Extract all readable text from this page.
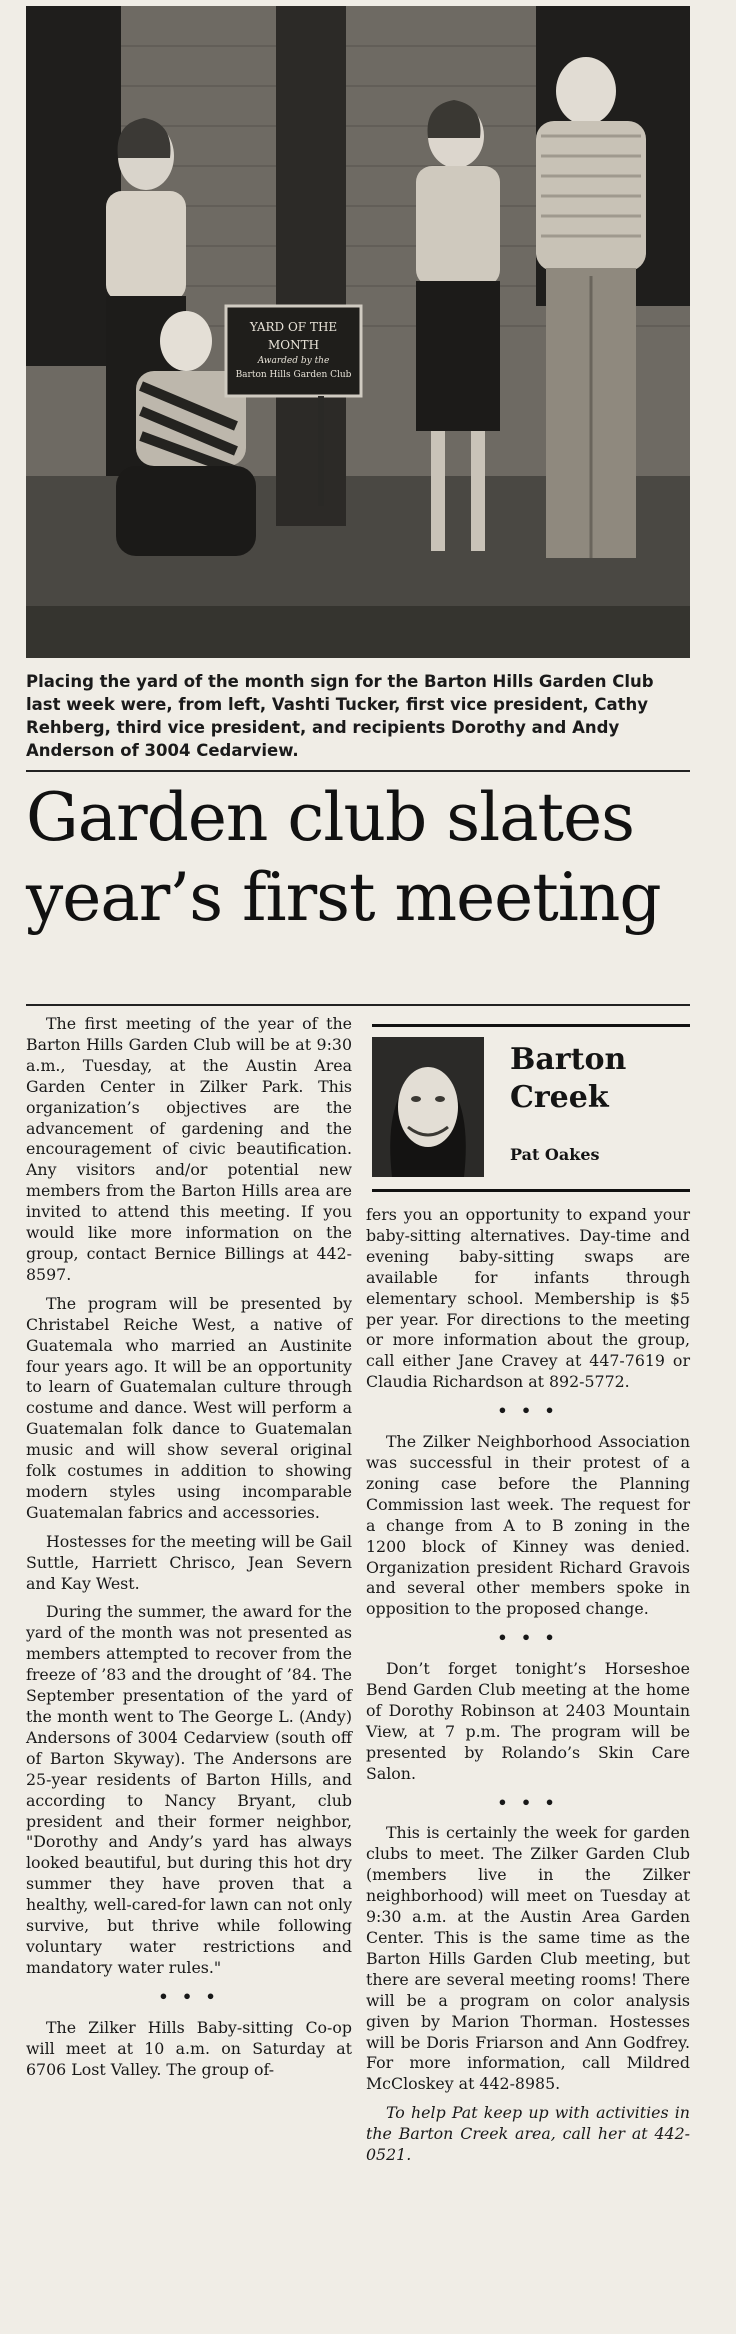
YARD OF THE MONTH
Awarded by the
Barton Hills Garden Club
Placing the yard of the month sign for the Barton Hills Garden Club last week were, from left, Vashti Tucker, first vice president, Cathy Rehberg, third vice president, and recipients Dorothy and Andy Anderson of 3004 Cedarview.
Garden club slates
year’s first meeting

The first meeting of the year of the Barton Hills Garden Club will be at 9:30 a.m., Tuesday, at the Austin Area Garden Center in Zilker Park. This organization’s objectives are the advancement of gardening and the encouragement of civic beautification. Any visitors and/or potential new members from the Barton Hills area are invited to attend this meeting. If you would like more information on the group, contact Bernice Billings at 442-8597.

The program will be presented by Christabel Reiche West, a native of Guatemala who married an Austinite four years ago. It will be an opportunity to learn of Guatemalan culture through costume and dance. West will perform a Guatemalan folk dance to Guatemalan music and will show several original folk costumes in addition to showing modern styles using incomparable Guatemalan fabrics and accessories.

Hostesses for the meeting will be Gail Suttle, Harriett Chrisco, Jean Severn and Kay West.

During the summer, the award for the yard of the month was not presented as members attempted to recover from the freeze of ’83 and the drought of ’84. The September presentation of the yard of the month went to The George L. (Andy) Andersons of 3004 Cedarview (south off of Barton Skyway). The Andersons are 25-year residents of Barton Hills, and according to Nancy Bryant, club president and their former neighbor, "Dorothy and Andy’s yard has always looked beautiful, but during this hot dry summer they have proven that a healthy, well-cared-for lawn can not only survive, but thrive while following voluntary water restrictions and mandatory water rules."

• • •

The Zilker Hills Baby-sitting Co-op will meet at 10 a.m. on Saturday at 6706 Lost Valley. The group of-

Barton
Creek
Pat Oakes

fers you an opportunity to expand your baby-sitting alternatives. Day-time and evening baby-sitting swaps are available for infants through elementary school. Membership is $5 per year. For directions to the meeting or more information about the group, call either Jane Cravey at 447-7619 or Claudia Richardson at 892-5772.

• • •

The Zilker Neighborhood Association was successful in their protest of a zoning case before the Planning Commission last week. The request for a change from A to B zoning in the 1200 block of Kinney was denied. Organization president Richard Gravois and several other members spoke in opposition to the proposed change.

• • •

Don’t forget tonight’s Horseshoe Bend Garden Club meeting at the home of Dorothy Robinson at 2403 Mountain View, at 7 p.m. The program will be presented by Rolando’s Skin Care Salon.

• • •

This is certainly the week for garden clubs to meet. The Zilker Garden Club (members live in the Zilker neighborhood) will meet on Tuesday at 9:30 a.m. at the Austin Area Garden Center. This is the same time as the Barton Hills Garden Club meeting, but there are several meeting rooms! There will be a program on color analysis given by Marion Thorman. Hostesses will be Doris Friarson and Ann Godfrey. For more information, call Mildred McCloskey at 442-8985.

To help Pat keep up with activities in the Barton Creek area, call her at 442-0521.
